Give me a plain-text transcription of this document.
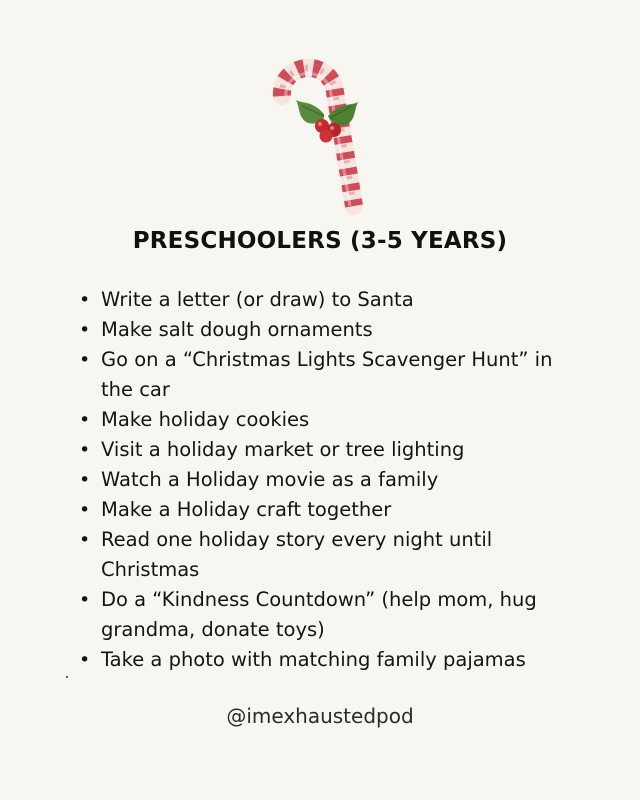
PRESCHOOLERS (3-5 YEARS)
• Write a letter (or draw) to Santa
• Make salt dough ornaments
• Go on a “Christmas Lights Scavenger Hunt” in the car
• Make holiday cookies
• Visit a holiday market or tree lighting
• Watch a Holiday movie as a family
• Make a Holiday craft together
• Read one holiday story every night until Christmas
• Do a “Kindness Countdown” (help mom, hug grandma, donate toys)
• Take a photo with matching family pajamas
@imexhaustedpod
